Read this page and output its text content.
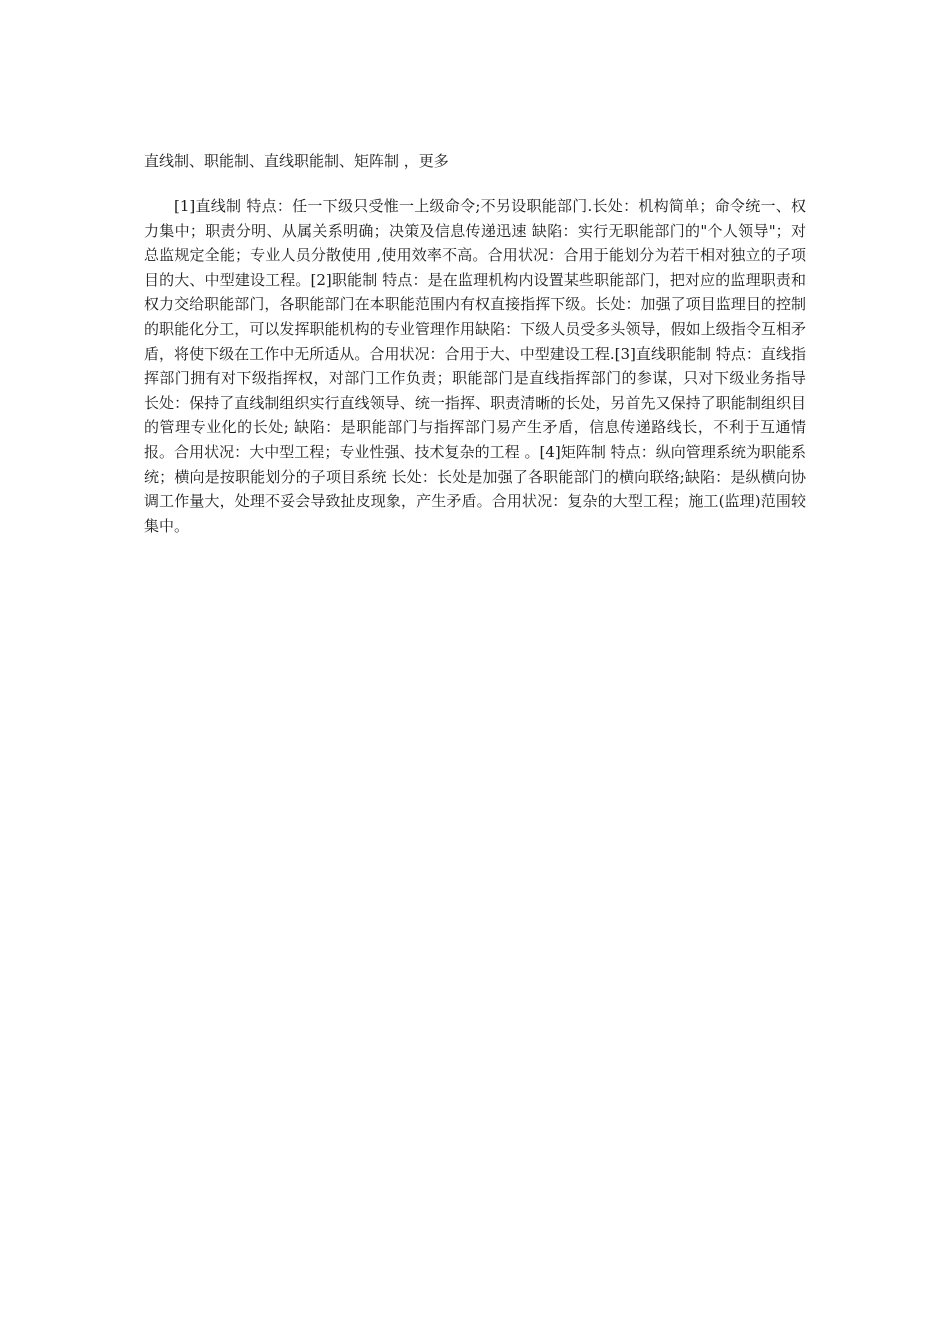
直线制、职能制、直线职能制、矩阵制 ，更多

[1]直线制 特点：任一下级只受惟一上级命令;不另设职能部门.长处：机构简单；命令统一、权力集中；职责分明、从属关系明确；决策及信息传递迅速 缺陷：实行无职能部门的"个人领导"；对总监规定全能；专业人员分散使用 ,使用效率不高。合用状况：合用于能划分为若干相对独立的子项目的大、中型建设工程。[2]职能制 特点：是在监理机构内设置某些职能部门，把对应的监理职责和权力交给职能部门，各职能部门在本职能范围内有权直接指挥下级。长处：加强了项目监理目的控制的职能化分工，可以发挥职能机构的专业管理作用缺陷：下级人员受多头领导，假如上级指令互相矛盾，将使下级在工作中无所适从。合用状况：合用于大、中型建设工程.[3]直线职能制 特点：直线指挥部门拥有对下级指挥权，对部门工作负责；职能部门是直线指挥部门的参谋，只对下级业务指导 长处：保持了直线制组织实行直线领导、统一指挥、职责清晰的长处，另首先又保持了职能制组织目的管理专业化的长处; 缺陷：是职能部门与指挥部门易产生矛盾，信息传递路线长，不利于互通情报。合用状况：大中型工程；专业性强、技术复杂的工程 。[4]矩阵制 特点：纵向管理系统为职能系统；横向是按职能划分的子项目系统 长处：长处是加强了各职能部门的横向联络;缺陷：是纵横向协调工作量大，处理不妥会导致扯皮现象，产生矛盾。合用状况：复杂的大型工程；施工(监理)范围较集中。
